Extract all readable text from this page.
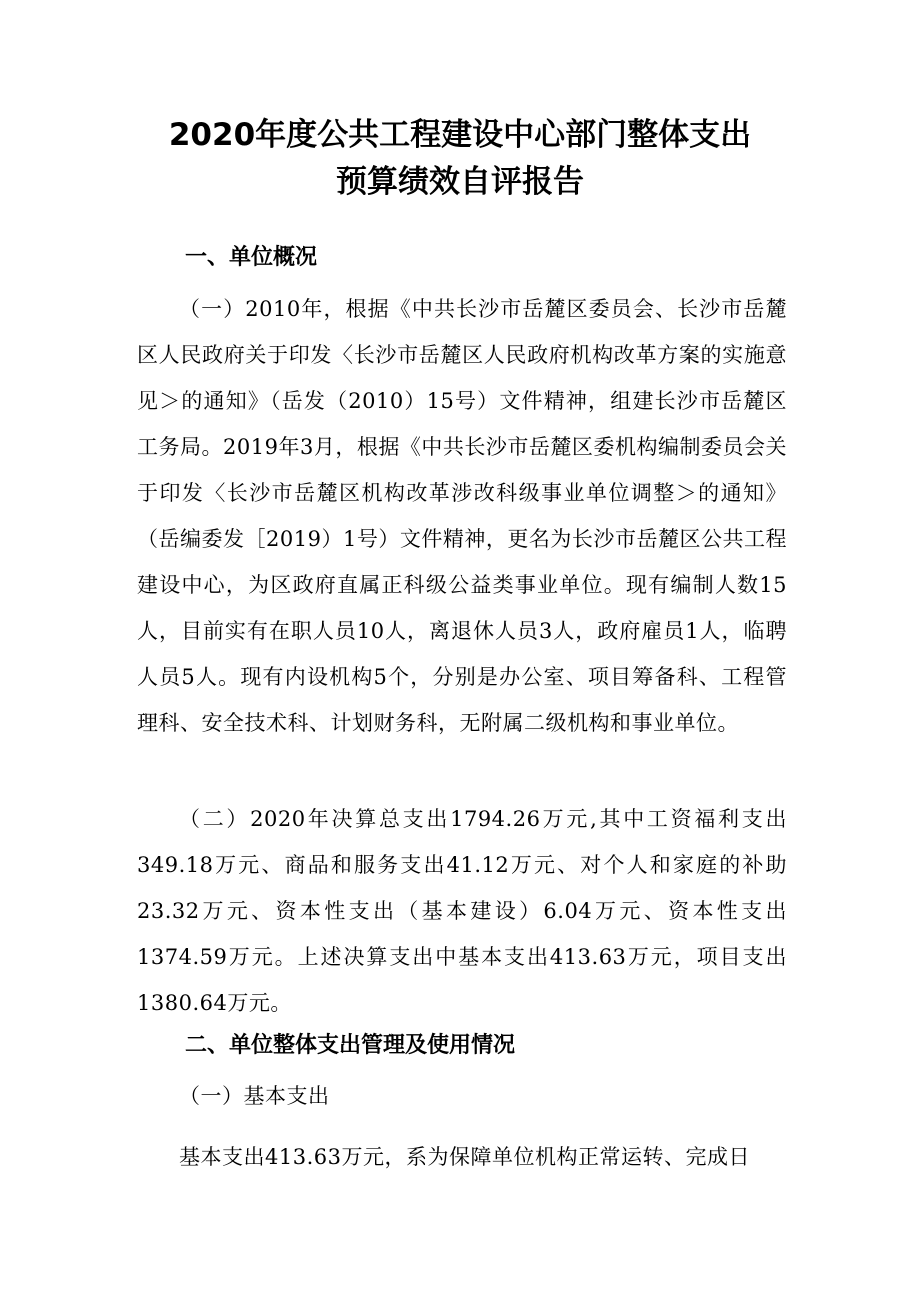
2020年度公共工程建设中心部门整体支出
预算绩效自评报告
一、单位概况

（一）2010年，根据《中共长沙市岳麓区委员会、长沙市岳麓区人民政府关于印发〈长沙市岳麓区人民政府机构改革方案的实施意见＞的通知》（岳发（2010）15号）文件精神，组建长沙市岳麓区工务局。2019年3月，根据《中共长沙市岳麓区委机构编制委员会关于印发〈长沙市岳麓区机构改革涉改科级事业单位调整＞的通知》（岳编委发［2019）1号）文件精神，更名为长沙市岳麓区公共工程建设中心，为区政府直属正科级公益类事业单位。现有编制人数15人，目前实有在职人员10人，离退休人员3人，政府雇员1人，临聘人员5人。现有内设机构5个，分别是办公室、项目筹备科、工程管理科、安全技术科、计划财务科，无附属二级机构和事业单位。

（二）2020年决算总支出1794.26万元,其中工资福利支出349.18万元、商品和服务支出41.12万元、对个人和家庭的补助23.32万元、资本性支出（基本建设）6.04万元、资本性支出1374.59万元。上述决算支出中基本支出413.63万元，项目支出1380.64万元。

二、单位整体支出管理及使用情况

（一）基本支出

基本支出413.63万元，系为保障单位机构正常运转、完成日
